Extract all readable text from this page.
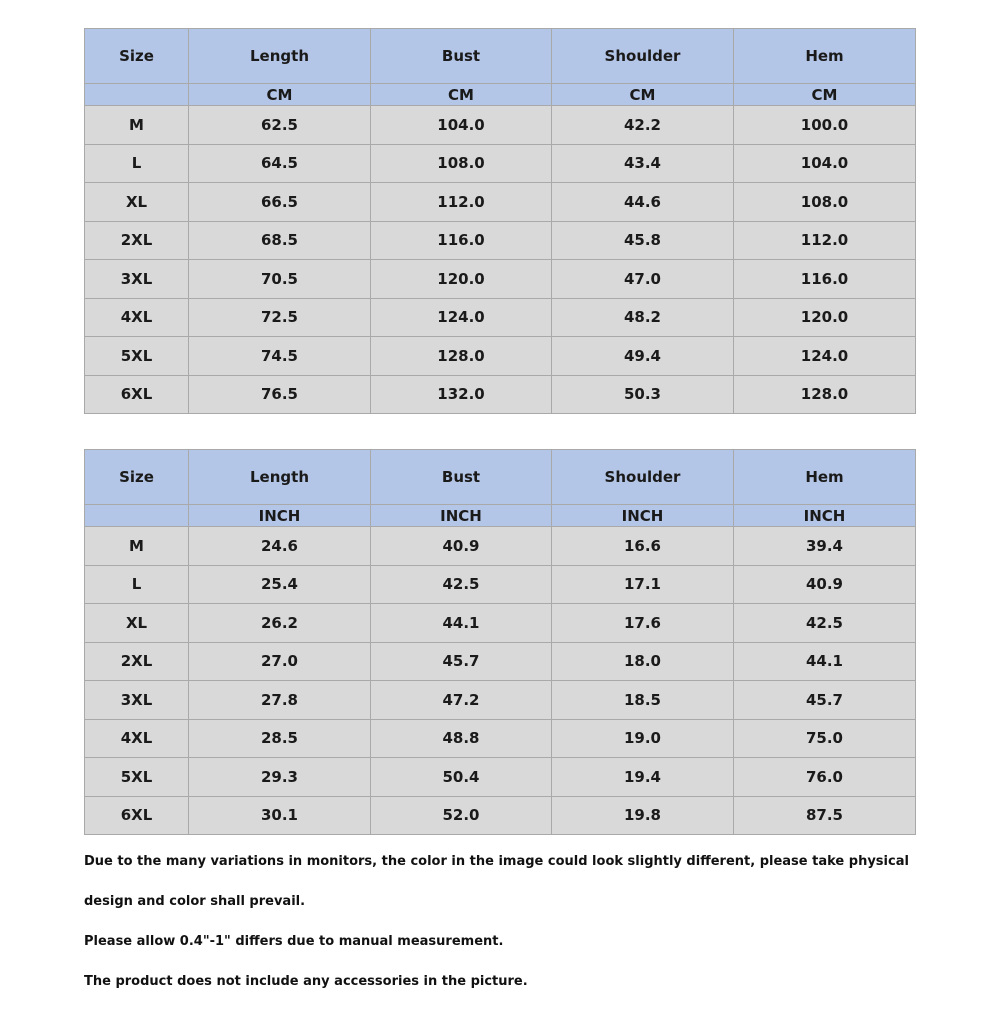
Size	Length	Bust	Shoulder	Hem
	CM	CM	CM	CM
M	62.5	104.0	42.2	100.0
L	64.5	108.0	43.4	104.0
XL	66.5	112.0	44.6	108.0
2XL	68.5	116.0	45.8	112.0
3XL	70.5	120.0	47.0	116.0
4XL	72.5	124.0	48.2	120.0
5XL	74.5	128.0	49.4	124.0
6XL	76.5	132.0	50.3	128.0
Size	Length	Bust	Shoulder	Hem
	INCH	INCH	INCH	INCH
M	24.6	40.9	16.6	39.4
L	25.4	42.5	17.1	40.9
XL	26.2	44.1	17.6	42.5
2XL	27.0	45.7	18.0	44.1
3XL	27.8	47.2	18.5	45.7
4XL	28.5	48.8	19.0	75.0
5XL	29.3	50.4	19.4	76.0
6XL	30.1	52.0	19.8	87.5

Due to the many variations in monitors, the color in the image could look slightly different, please take physical

design and color shall prevail.

Please allow 0.4"-1" differs due to manual measurement.

The product does not include any accessories in the picture.
